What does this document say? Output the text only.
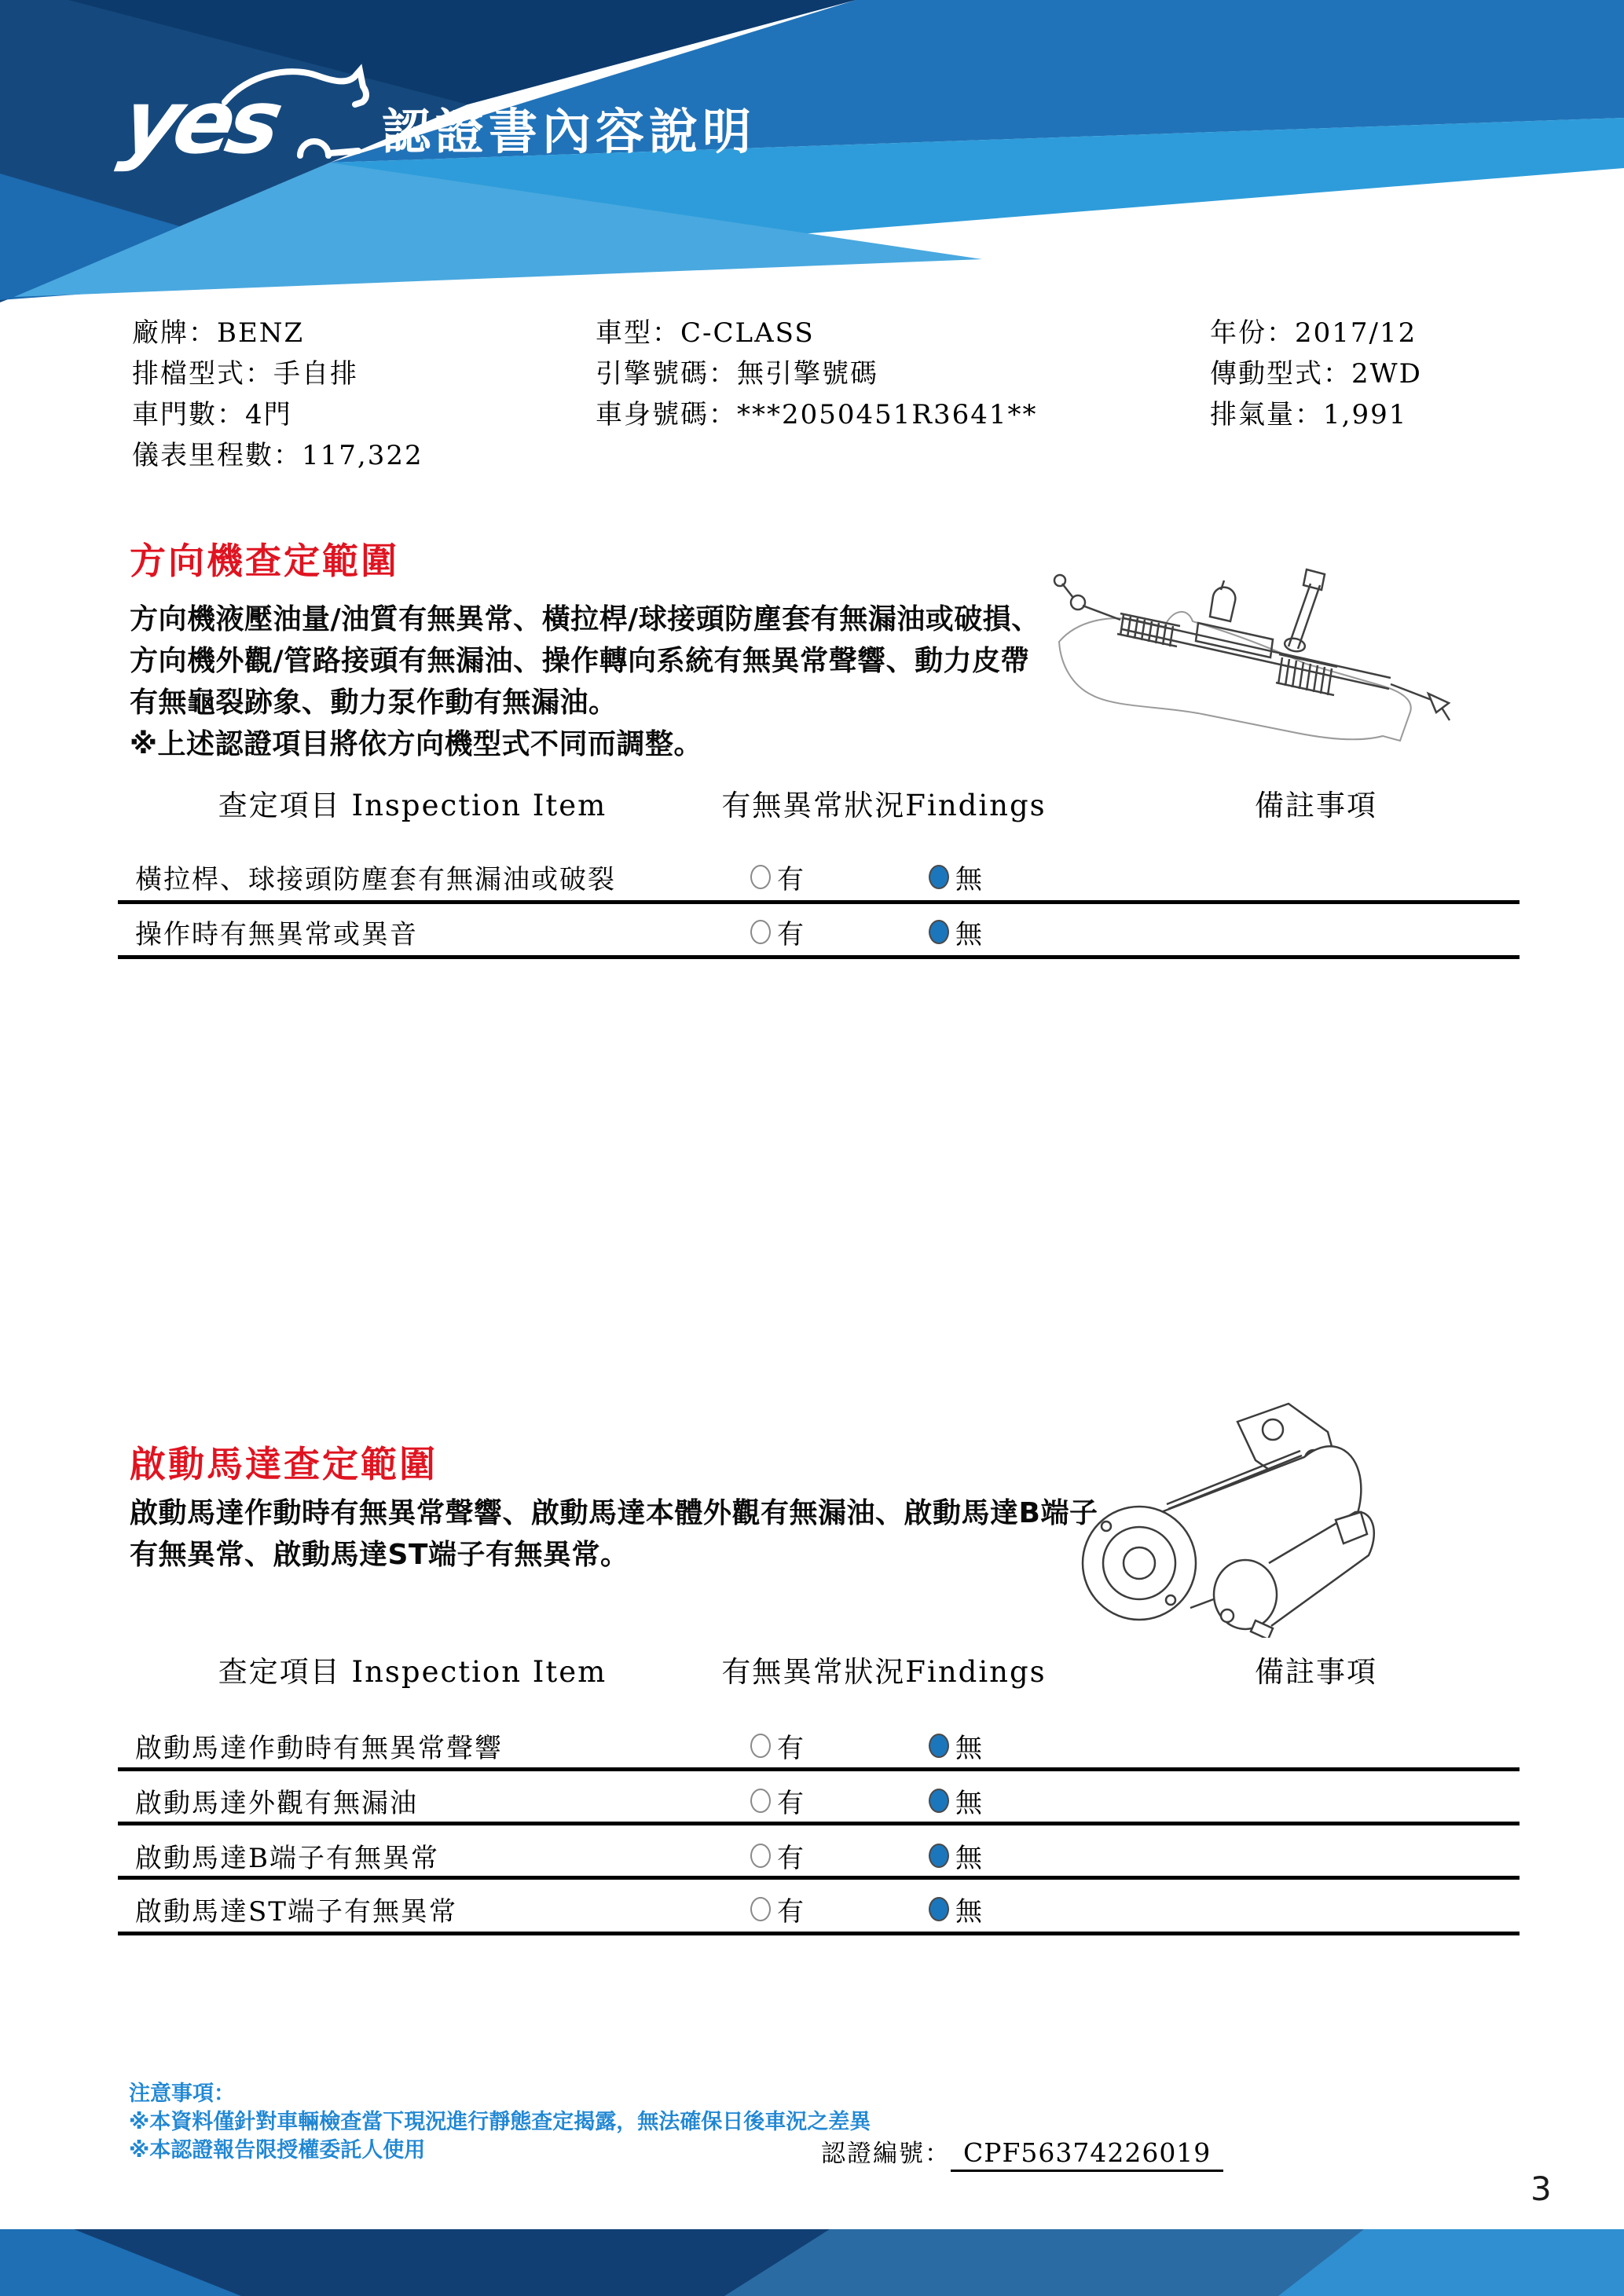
yes 認證書內容說明
廠牌：BENZ
排檔型式：手自排
車門數：4門
儀表里程數：117,322
車型：C-CLASS
引擎號碼：無引擎號碼
車身號碼：***2050451R3641**
年份：2017/12
傳動型式：2WD
排氣量：1,991
方向機查定範圍
方向機液壓油量/油質有無異常、橫拉桿/球接頭防塵套有無漏油或破損、
方向機外觀/管路接頭有無漏油、操作轉向系統有無異常聲響、動力皮帶
有無龜裂跡象、動力泵作動有無漏油。
※上述認證項目將依方向機型式不同而調整。
查定項目 Inspection Item	有無異常狀況Findings	備註事項
橫拉桿、球接頭防塵套有無漏油或破裂	有	無
操作時有無異常或異音	有	無
啟動馬達查定範圍
啟動馬達作動時有無異常聲響、啟動馬達本體外觀有無漏油、啟動馬達B端子
有無異常、啟動馬達ST端子有無異常。
查定項目 Inspection Item	有無異常狀況Findings	備註事項
啟動馬達作動時有無異常聲響	有	無
啟動馬達外觀有無漏油	有	無
啟動馬達B端子有無異常	有	無
啟動馬達ST端子有無異常	有	無
注意事項：
※本資料僅針對車輛檢查當下現況進行靜態查定揭露，無法確保日後車況之差異
※本認證報告限授權委託人使用	認證編號： CPF56374226019
3
